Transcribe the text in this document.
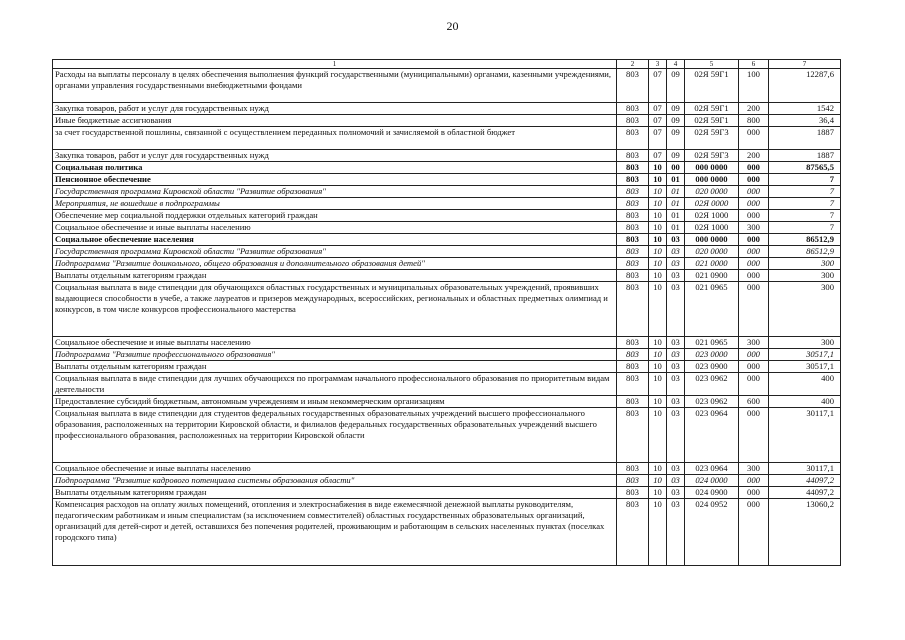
20
1	2	3	4	5	6	7
Расходы на выплаты персоналу в целях обеспечения выполнения функций государственными (муниципальными) органами, казенными учреждениями, органами управления государственными внебюджетными фондами	803	07	09	02Я 59Г1	100	12287,6
Закупка товаров, работ и услуг для государственных нужд	803	07	09	02Я 59Г1	200	1542
Иные бюджетные ассигнования	803	07	09	02Я 59Г1	800	36,4
за счет государственной пошлины, связанной с осуществлением переданных полномочий и зачисляемой в областной бюджет	803	07	09	02Я 59Г3	000	1887
Закупка товаров, работ и услуг для государственных нужд	803	07	09	02Я 59Г3	200	1887
Социальная политика	803	10	00	000 0000	000	87565,5
Пенсионное обеспечение	803	10	01	000 0000	000	7
Государственная программа Кировской области "Развитие образования"	803	10	01	020 0000	000	7
Мероприятия, не вошедшие в подпрограммы	803	10	01	02Я 0000	000	7
Обеспечение мер социальной поддержки отдельных категорий граждан	803	10	01	02Я 1000	000	7
Социальное обеспечение и иные выплаты населению	803	10	01	02Я 1000	300	7
Социальное обеспечение населения	803	10	03	000 0000	000	86512,9
Государственная программа Кировской области "Развитие образования"	803	10	03	020 0000	000	86512,9
Подпрограмма "Развитие дошкольного, общего образования и дополнительного образования детей"	803	10	03	021 0000	000	300
Выплаты отдельным категориям граждан	803	10	03	021 0900	000	300
Социальная выплата в виде стипендии для обучающихся областных государственных и муниципальных образовательных учреждений, проявивших выдающиеся способности в учебе, а также лауреатов и призеров международных, всероссийских, региональных и областных предметных олимпиад и конкурсов, в том числе конкурсов профессионального мастерства	803	10	03	021 0965	000	300
Социальное обеспечение и иные выплаты населению	803	10	03	021 0965	300	300
Подпрограмма "Развитие профессионального образования"	803	10	03	023 0000	000	30517,1
Выплаты отдельным категориям граждан	803	10	03	023 0900	000	30517,1
Социальная выплата в виде стипендии для лучших обучающихся по программам начального профессионального образования по приоритетным видам деятельности	803	10	03	023 0962	000	400
Предоставление субсидий бюджетным, автономным учреждениям и иным некоммерческим организациям	803	10	03	023 0962	600	400
Социальная выплата в виде стипендии для студентов федеральных государственных образовательных учреждений высшего профессионального образования, расположенных на территории Кировской области, и филиалов федеральных государственных образовательных учреждений высшего профессионального образования, расположенных на территории Кировской области	803	10	03	023 0964	000	30117,1
Социальное обеспечение и иные выплаты населению	803	10	03	023 0964	300	30117,1
Подпрограмма "Развитие кадрового потенциала системы образования области"	803	10	03	024 0000	000	44097,2
Выплаты отдельным категориям граждан	803	10	03	024 0900	000	44097,2
Компенсация расходов на оплату жилых помещений, отопления и электроснабжения в виде ежемесячной денежной выплаты руководителям, педагогическим работникам и иным специалистам (за исключением совместителей) областных государственных образовательных организаций, организаций для детей-сирот и детей, оставшихся без попечения родителей, проживающим и работающим в сельских населенных пунктах (поселках городского типа)	803	10	03	024 0952	000	13060,2
